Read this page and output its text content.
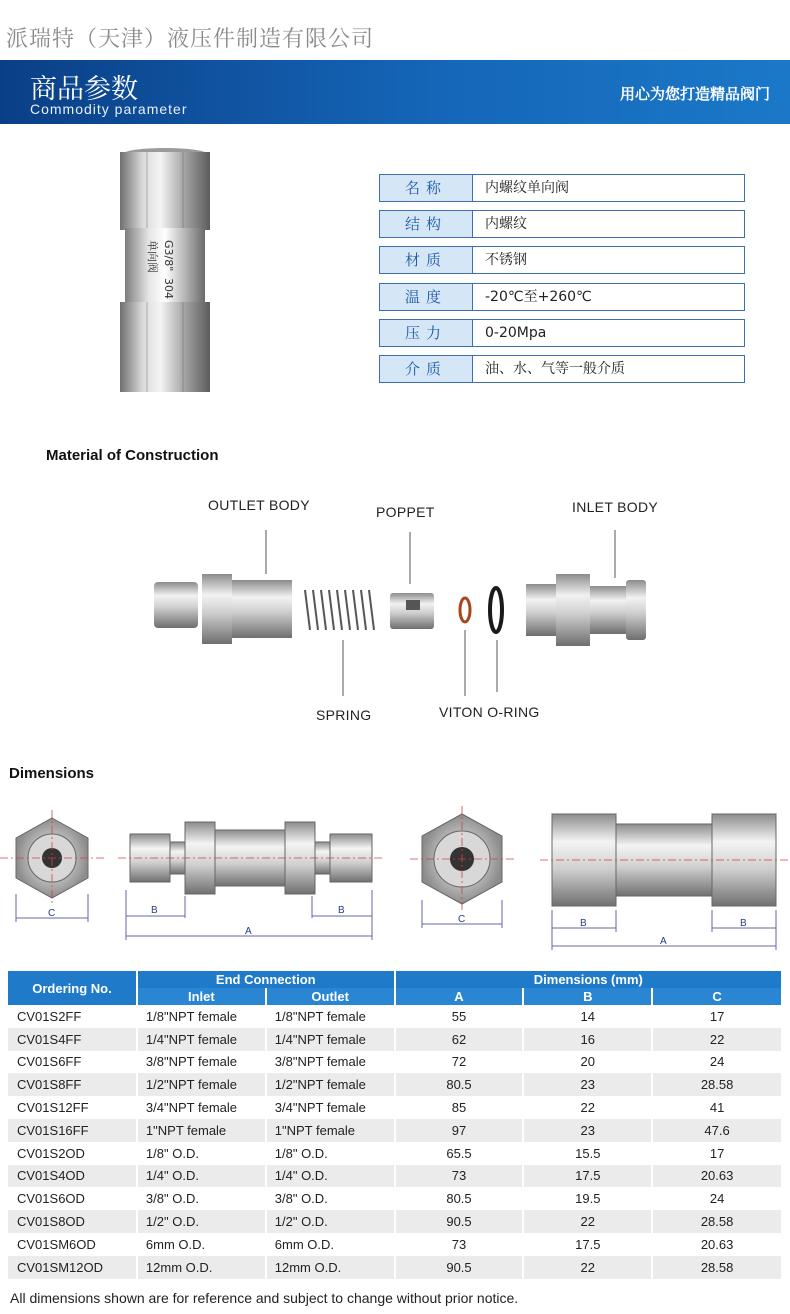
派瑞特（天津）液压件制造有限公司
商品参数
Commodity parameter
用心为您打造精品阀门
单向阀 G3/8"
304
名称	内螺纹单向阀
结构	内螺纹
材质	不锈钢
温度	-20℃至+260℃
压力	0-20Mpa
介质	油、水、气等一般介质
Material of Construction
OUTLET BODY	POPPET	INLET BODY
SPRING	VITON O-RING
Dimensions
C	B	B
A
C	B	B
A
Ordering No.	End Connection		Dimensions (mm)		
	Inlet	Outlet	A	B	C
CV01S2FF	1/8"NPT female	1/8"NPT female	55	14	17
CV01S4FF	1/4"NPT female	1/4"NPT female	62	16	22
CV01S6FF	3/8"NPT female	3/8"NPT female	72	20	24
CV01S8FF	1/2"NPT female	1/2"NPT female	80.5	23	28.58
CV01S12FF	3/4"NPT female	3/4"NPT female	85	22	41
CV01S16FF	1"NPT female	1"NPT female	97	23	47.6
CV01S2OD	1/8" O.D.	1/8" O.D.	65.5	15.5	17
CV01S4OD	1/4" O.D.	1/4" O.D.	73	17.5	20.63
CV01S6OD	3/8" O.D.	3/8" O.D.	80.5	19.5	24
CV01S8OD	1/2" O.D.	1/2" O.D.	90.5	22	28.58
CV01SM6OD	6mm O.D.	6mm O.D.	73	17.5	20.63
CV01SM12OD	12mm O.D.	12mm O.D.	90.5	22	28.58
All dimensions shown are for reference and subject to change without prior notice.
